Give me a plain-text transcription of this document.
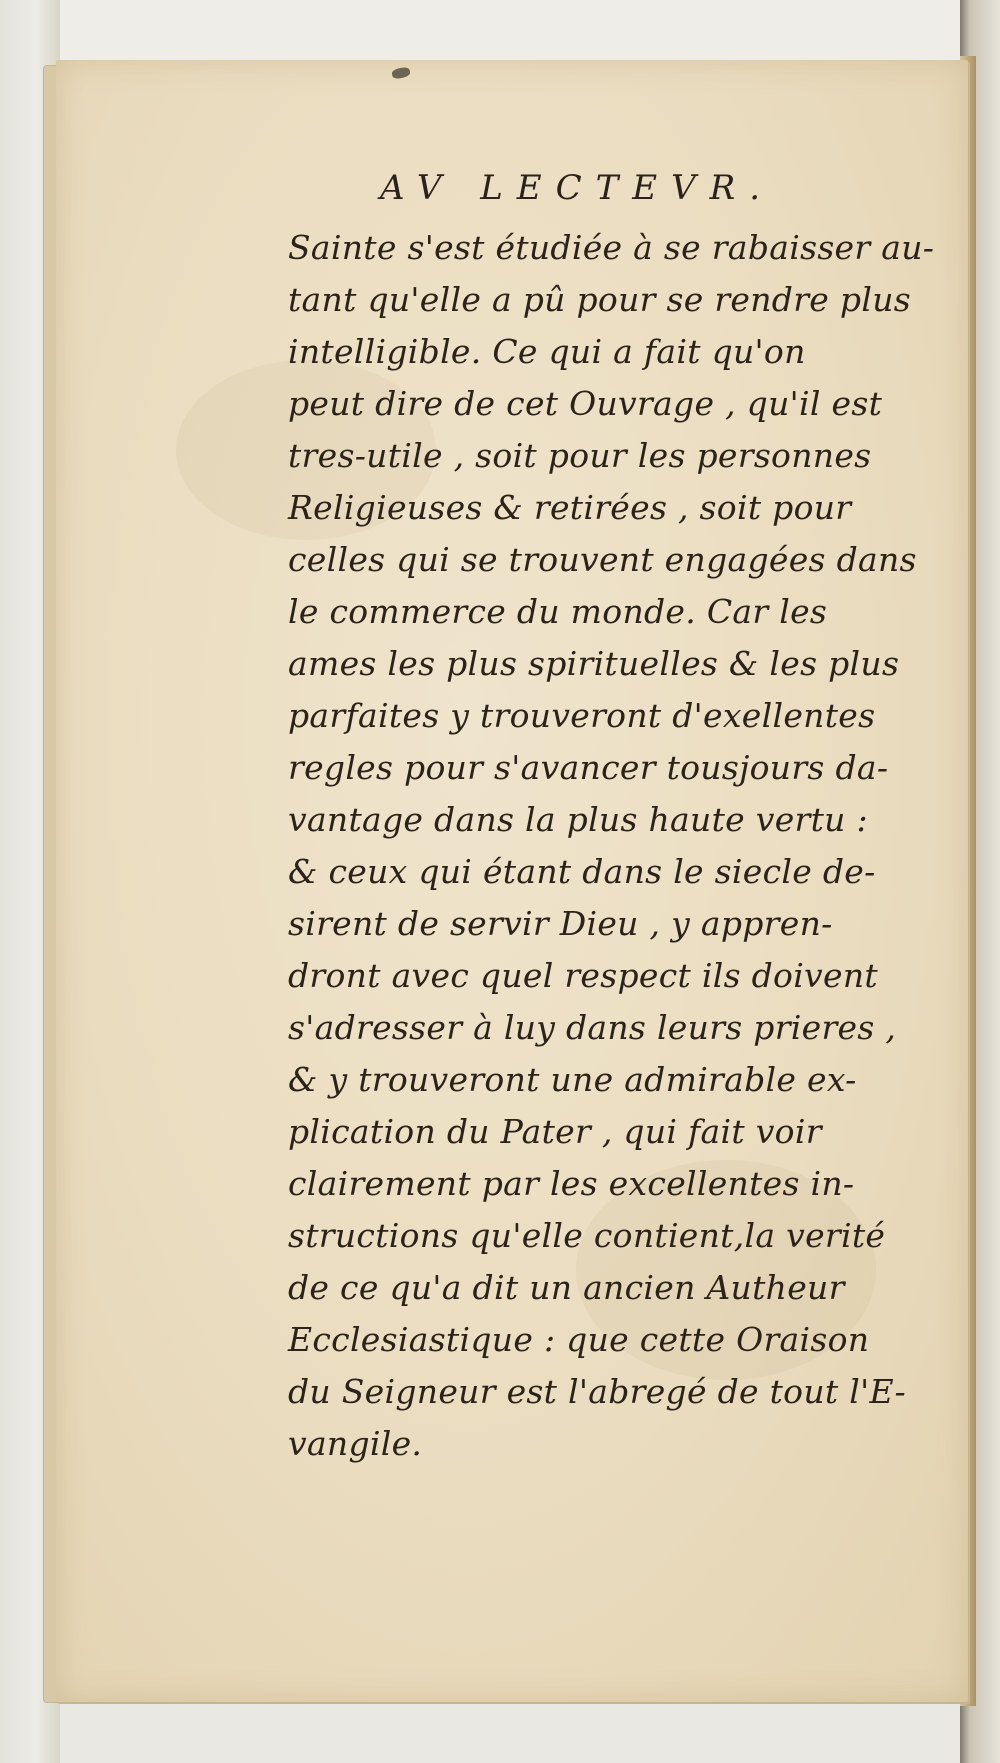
AV LECTEVR.
Sainte s'est étudiée à se rabaisser au-
tant qu'elle a pû pour se rendre plus
intelligible. Ce qui a fait qu'on
peut dire de cet Ouvrage , qu'il est
tres-utile , soit pour les personnes
Religieuses & retirées , soit pour
celles qui se trouvent engagées dans
le commerce du monde. Car les
ames les plus spirituelles & les plus
parfaites y trouveront d'exellentes
regles pour s'avancer tousjours da-
vantage dans la plus haute vertu :
& ceux qui étant dans le siecle de-
sirent de servir Dieu , y appren-
dront avec quel respect ils doivent
s'adresser à luy dans leurs prieres ,
& y trouveront une admirable ex-
plication du Pater , qui fait voir
clairement par les excellentes in-
structions qu'elle contient,la verité
de ce qu'a dit un ancien Autheur
Ecclesiastique : que cette Oraison
du Seigneur est l'abregé de tout l'E-
vangile.
